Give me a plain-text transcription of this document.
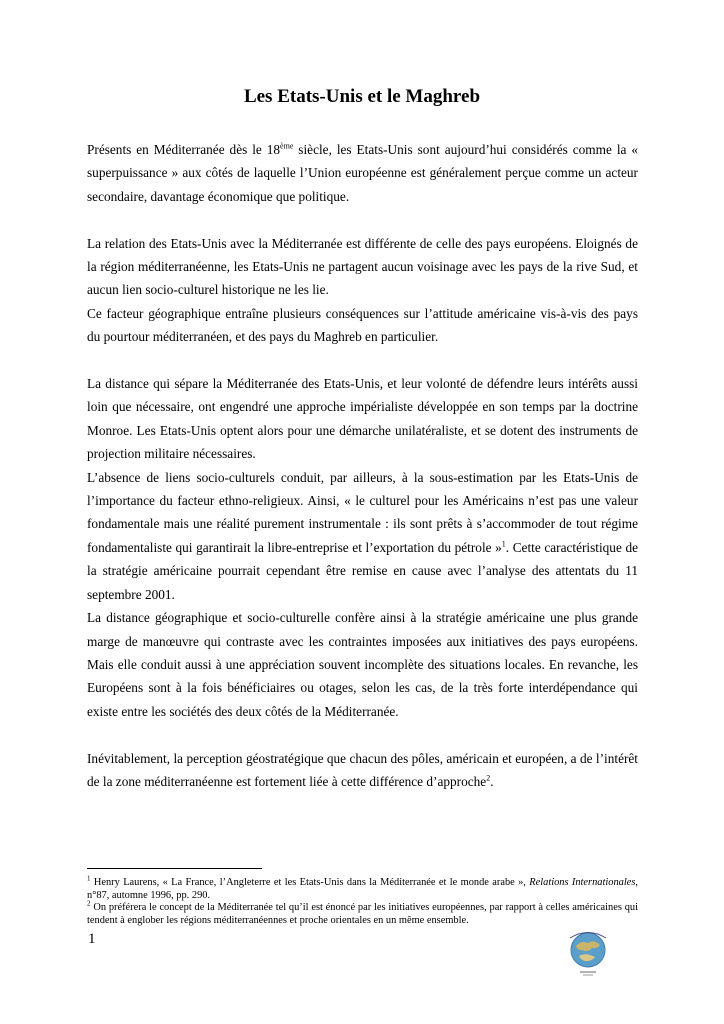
Les Etats-Unis et le Maghreb

Présents en Méditerranée dès le 18ème siècle, les Etats-Unis sont aujourd’hui considérés comme la « superpuissance » aux côtés de laquelle l’Union européenne est généralement perçue comme un acteur secondaire, davantage économique que politique.

La relation des Etats-Unis avec la Méditerranée est différente de celle des pays européens. Eloignés de la région méditerranéenne, les Etats-Unis ne partagent aucun voisinage avec les pays de la rive Sud, et aucun lien socio-culturel historique ne les lie.

Ce facteur géographique entraîne plusieurs conséquences sur l’attitude américaine vis-à-vis des pays du pourtour méditerranéen, et des pays du Maghreb en particulier.

La distance qui sépare la Méditerranée des Etats-Unis, et leur volonté de défendre leurs intérêts aussi loin que nécessaire, ont engendré une approche impérialiste développée en son temps par la doctrine Monroe. Les Etats-Unis optent alors pour une démarche unilatéraliste, et se dotent des instruments de projection militaire nécessaires.

L’absence de liens socio-culturels conduit, par ailleurs, à la sous-estimation par les Etats-Unis de l’importance du facteur ethno-religieux. Ainsi, « le culturel pour les Américains n’est pas une valeur fondamentale mais une réalité purement instrumentale : ils sont prêts à s’accommoder de tout régime fondamentaliste qui garantirait la libre-entreprise et l’exportation du pétrole »$^1$. Cette caractéristique de la stratégie américaine pourrait cependant être remise en cause avec l’analyse des attentats du 11 septembre 2001.

La distance géographique et socio-culturelle confère ainsi à la stratégie américaine une plus grande marge de manœuvre qui contraste avec les contraintes imposées aux initiatives des pays européens. Mais elle conduit aussi à une appréciation souvent incomplète des situations locales. En revanche, les Européens sont à la fois bénéficiaires ou otages, selon les cas, de la très forte interdépendance qui existe entre les sociétés des deux côtés de la Méditerranée.

Inévitablement, la perception géostratégique que chacun des pôles, américain et européen, a de l’intérêt de la zone méditerranéenne est fortement liée à cette différence d’approche$^2$.

$^1$ Henry Laurens, « La France, l’Angleterre et les Etats-Unis dans la Méditerranée et le monde arabe », Relations Internationales, n°87, automne 1996, pp. 290.

$^2$ On préférera le concept de la Méditerranée tel qu’il est énoncé par les initiatives européennes, par rapport à celles américaines qui tendent à englober les régions méditerranéennes et proche orientales en un même ensemble.

1
